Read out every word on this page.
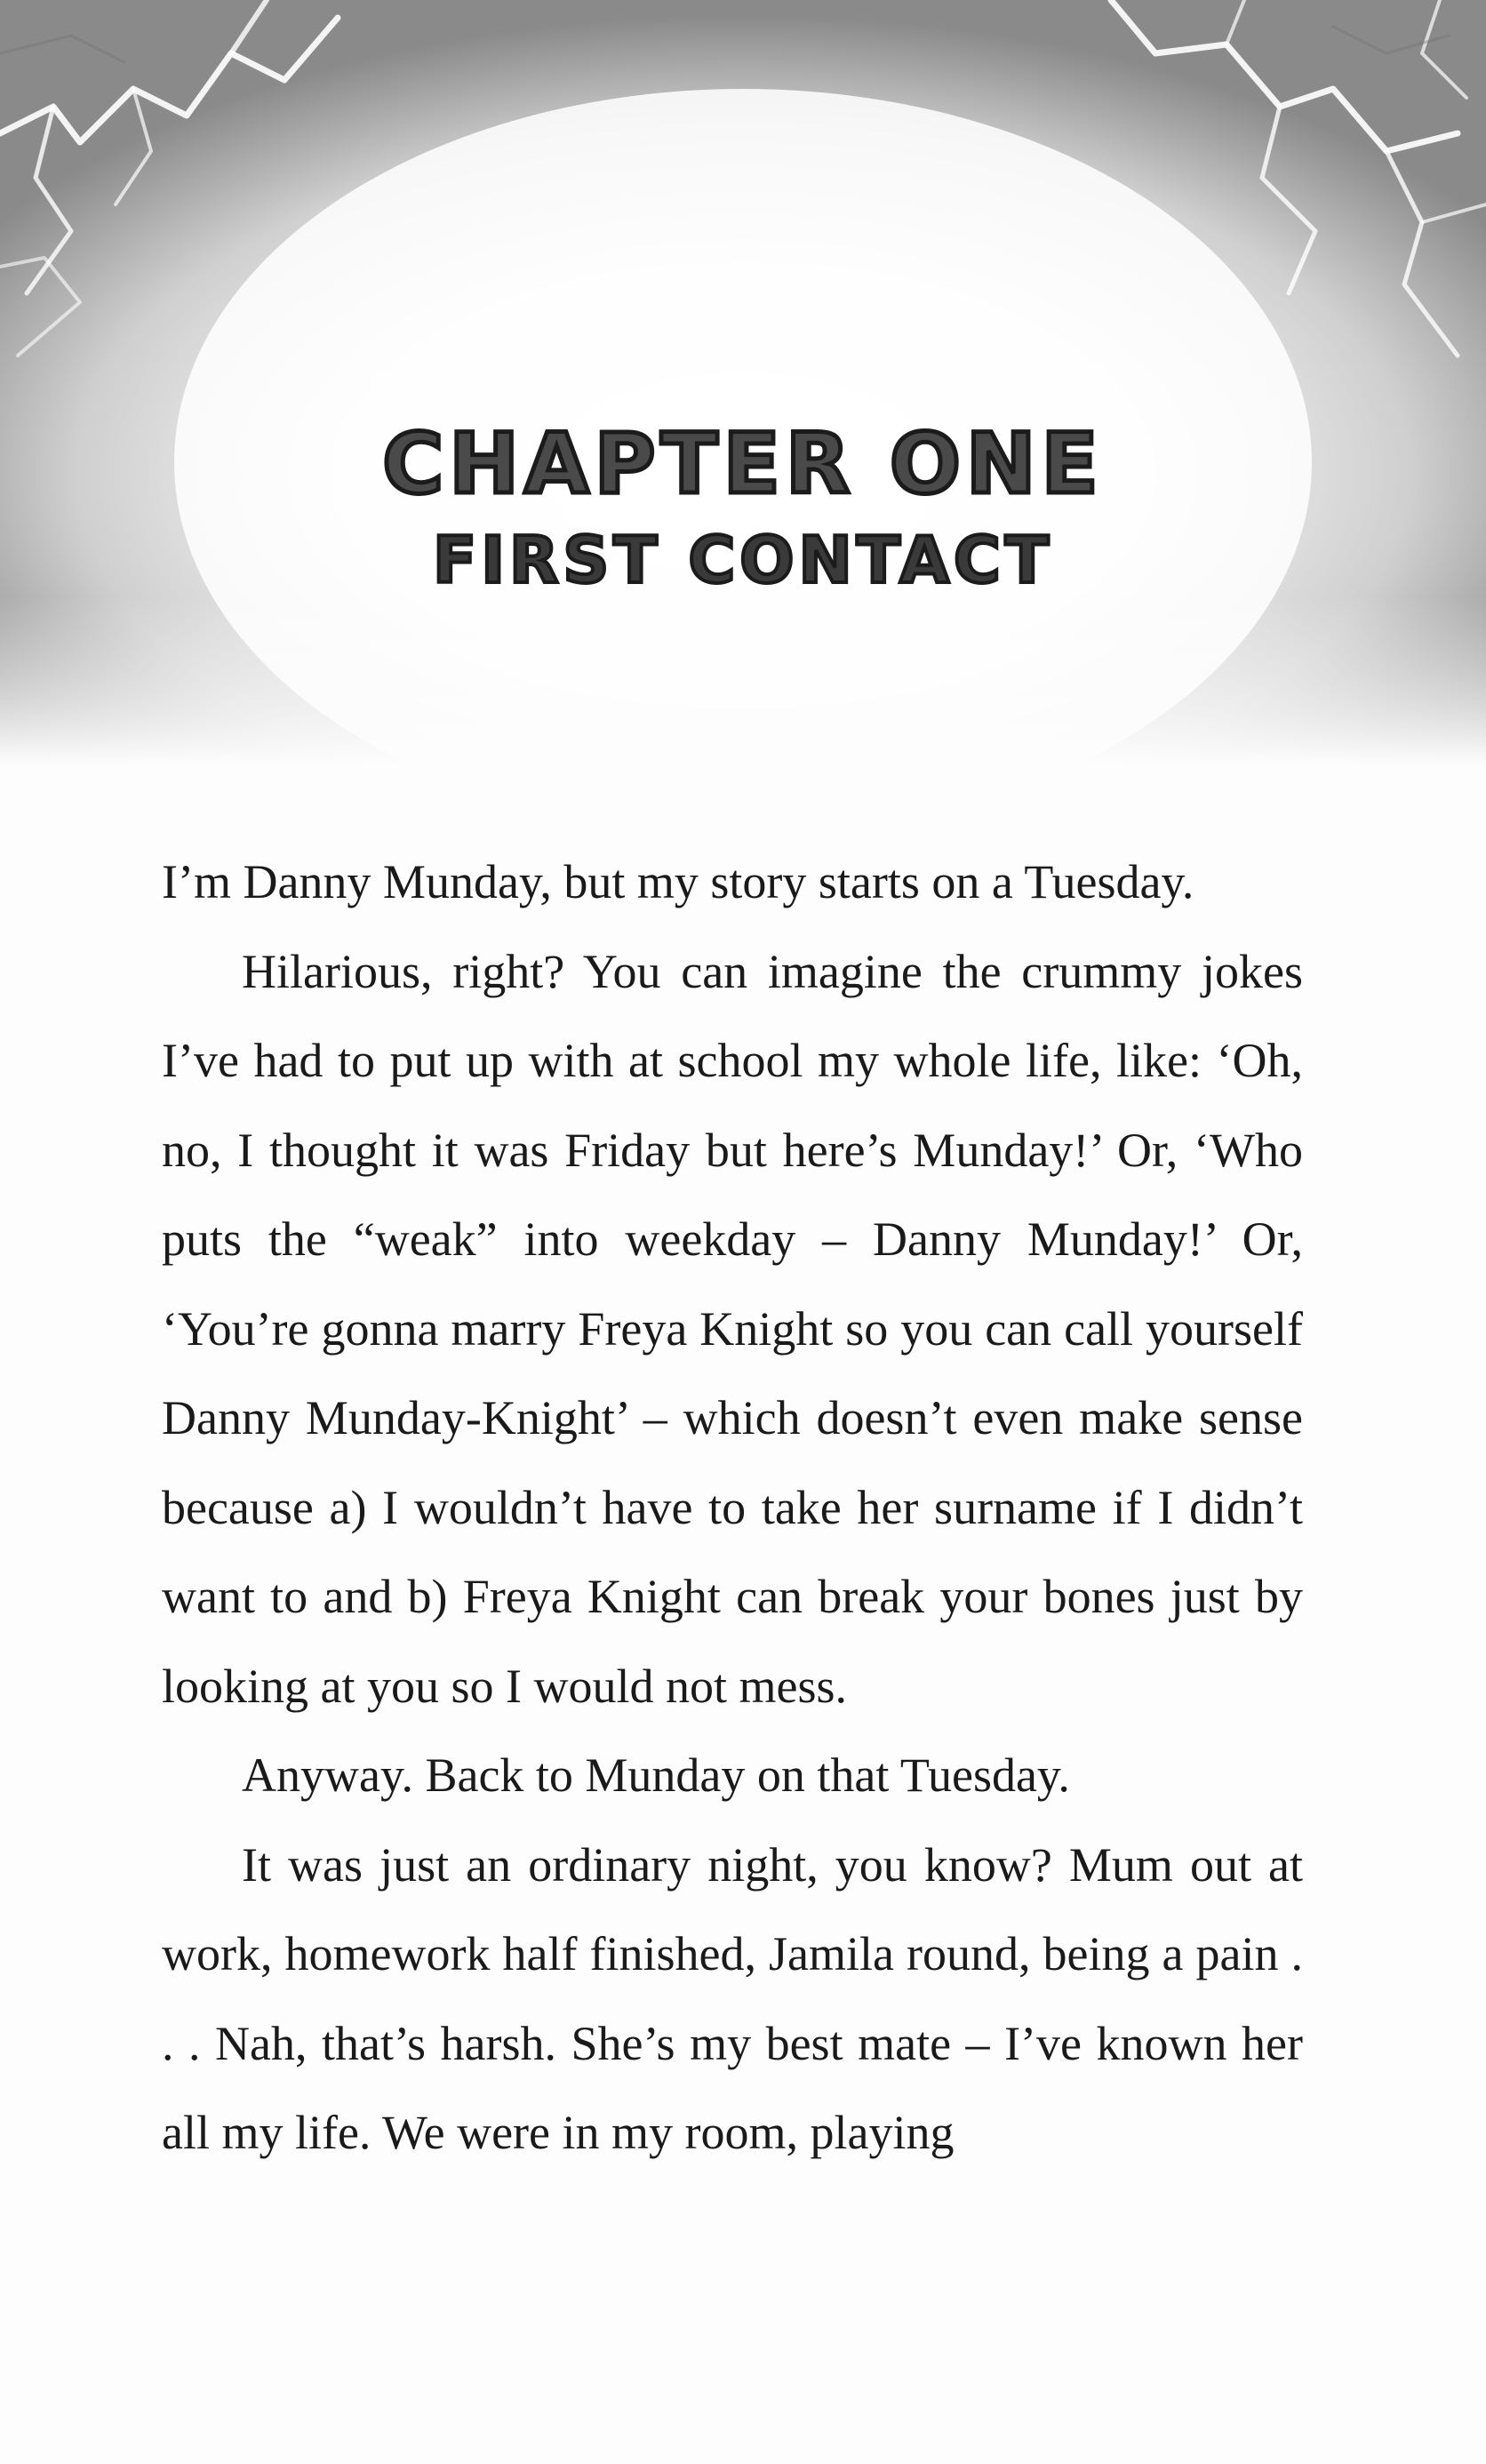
CHAPTER ONE
FIRST CONTACT

I’m Danny Munday, but my story starts on a Tuesday.

Hilarious, right? You can imagine the crummy jokes I’ve had to put up with at school my whole life, like: ‘Oh, no, I thought it was Friday but here’s Munday!’ Or, ‘Who puts the “weak” into weekday – Danny Munday!’ Or, ‘You’re gonna marry Freya Knight so you can call yourself Danny Munday-Knight’ – which doesn’t even make sense because a) I wouldn’t have to take her surname if I didn’t want to and b) Freya Knight can break your bones just by looking at you so I would not mess.

Anyway. Back to Munday on that Tuesday.

It was just an ordinary night, you know? Mum out at work, homework half finished, Jamila round, being a pain . . . Nah, that’s harsh. She’s my best mate – I’ve known her all my life. We were in my room, playing
